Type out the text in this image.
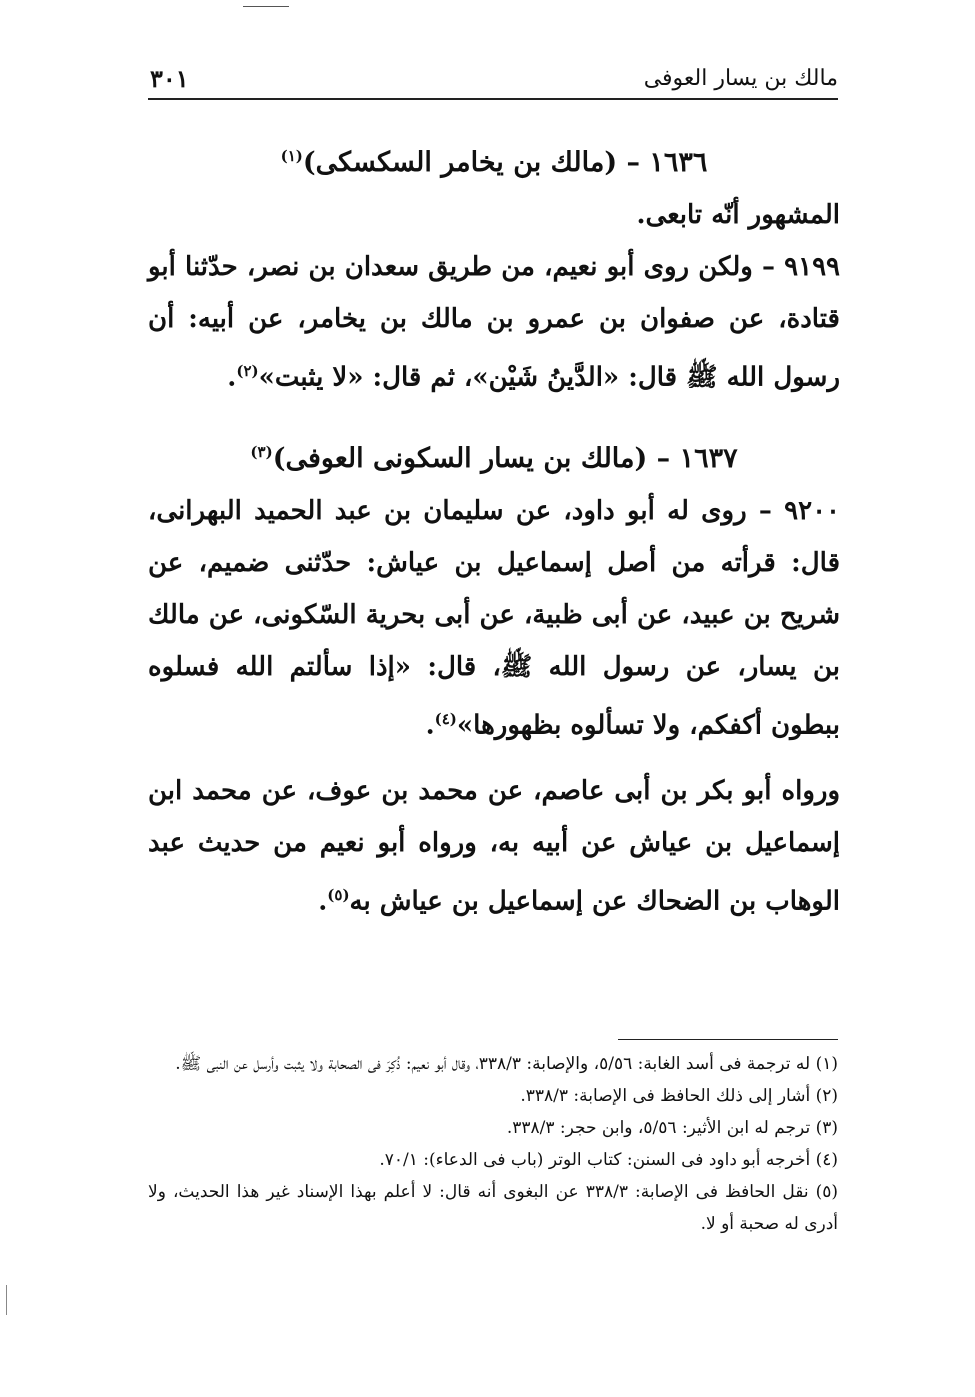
مالك بن يسار العوفى
٣٠١

١٦٣٦ – (مالك بن يخامر السكسكى)$^{(١)}$

المشهور أنّه تابعى.

٩١٩٩ – ولكن روى أبو نعيم، من طريق سعدان بن نصر، حدّثنا أبو قتادة، عن صفوان بن عمرو بن مالك بن يخامر، عن أبيه: أن رسول الله ﷺ قال: «الدَّينُ شَيْن»، ثم قال: «لا يثبت»$^{(٢)}$.

١٦٣٧ – (مالك بن يسار السكونى العوفى)$^{(٣)}$

٩٢٠٠ – روى له أبو داود، عن سليمان بن عبد الحميد البهرانى، قال: قرأته من أصل إسماعيل بن عياش: حدّثنى ضميم، عن شريح بن عبيد، عن أبى ظبية، عن أبى بحرية السّكونى، عن مالك بن يسار، عن رسول الله ﷺ، قال: «إذا سألتم الله فسلوه ببطون أكفكم، ولا تسألوه بظهورها»$^{(٤)}$.

ورواه أبو بكر بن أبى عاصم، عن محمد بن عوف، عن محمد ابن إسماعيل بن عياش عن أبيه به، ورواه أبو نعيم من حديث عبد الوهاب بن الضحاك عن إسماعيل بن عياش به$^{(٥)}$.

(١) له ترجمة فى أسد الغابة: ٥/٥٦، والإصابة: ٣٣٨/٣، وقال أبو نعيم: ذُكِرَ فى الصحابة ولا يثبت وأرسل عن النبى ﷺ.

(٢) أشار إلى ذلك الحافظ فى الإصابة: ٣٣٨/٣.

(٣) ترجم له ابن الأثير: ٥/٥٦، وابن حجر: ٣٣٨/٣.

(٤) أخرجه أبو داود فى السنن: كتاب الوتر (باب فى الدعاء): ٧٠/١.

(٥) نقل الحافظ فى الإصابة: ٣٣٨/٣ عن البغوى أنه قال: لا أعلم بهذا الإسناد غير هذا الحديث، ولا أدرى له صحبة أو لا.
